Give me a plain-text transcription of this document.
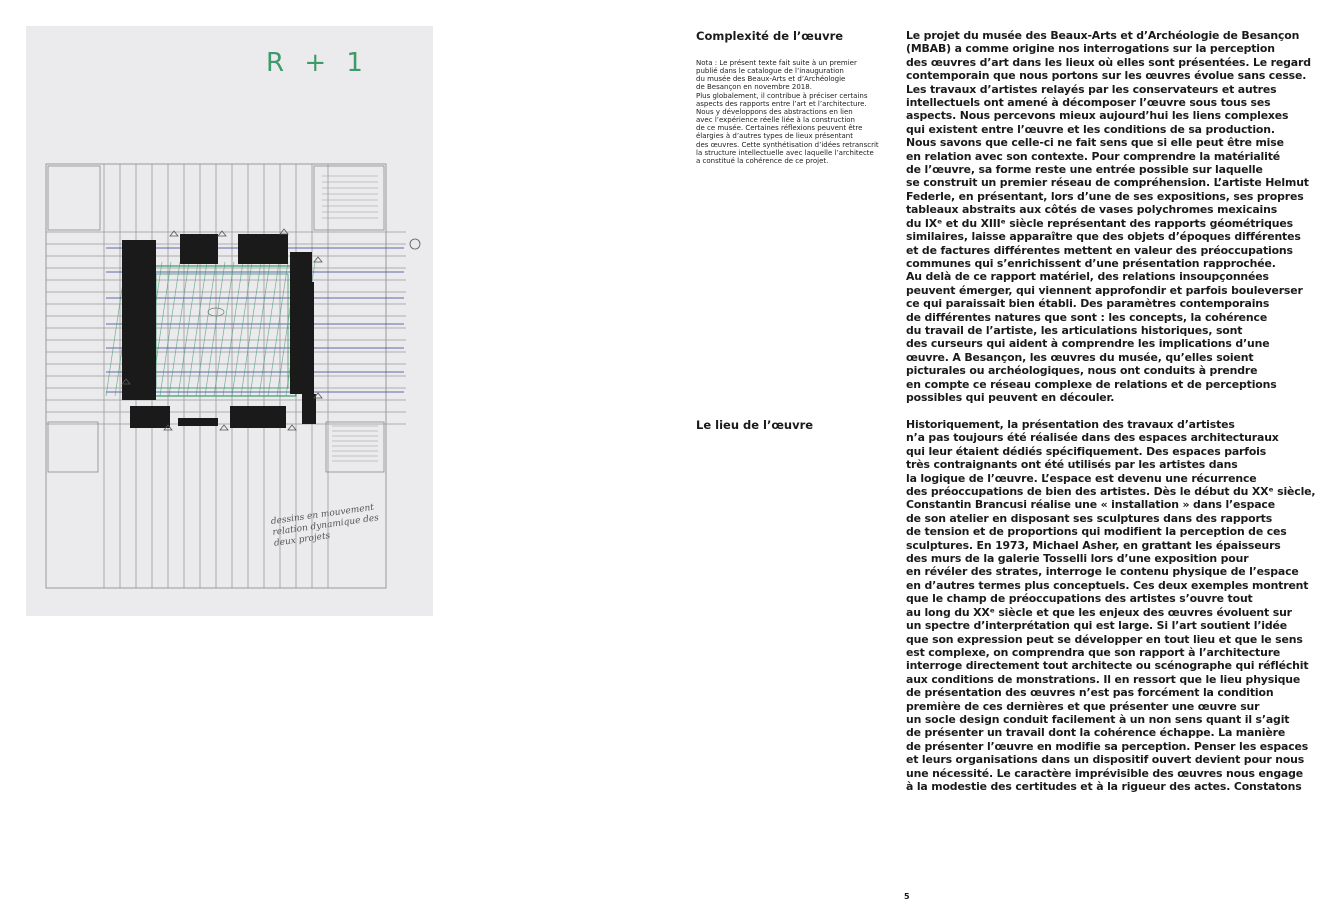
R + 1
dessins en mouvement relation dynamique des deux projets
Complexité de l’œuvre
Nota : Le présent texte fait suite à un premier
publié dans le catalogue de l’inauguration
du musée des Beaux-Arts et d’Archéologie
de Besançon en novembre 2018.
Plus globalement, il contribue à préciser certains
aspects des rapports entre l’art et l’architecture.
Nous y développons des abstractions en lien
avec l’expérience réelle liée à la construction
de ce musée. Certaines réflexions peuvent être
élargies à d’autres types de lieux présentant
des œuvres. Cette synthétisation d’idées retranscrit
la structure intellectuelle avec laquelle l’architecte
a constitué la cohérence de ce projet.
Le projet du musée des Beaux-Arts et d’Archéologie de Besançon
(MBAB) a comme origine nos interrogations sur la perception
des œuvres d’art dans les lieux où elles sont présentées. Le regard
contemporain que nous portons sur les œuvres évolue sans cesse.
Les travaux d’artistes relayés par les conservateurs et autres
intellectuels ont amené à décomposer l’œuvre sous tous ses
aspects. Nous percevons mieux aujourd’hui les liens complexes
qui existent entre l’œuvre et les conditions de sa production.
Nous savons que celle-ci ne fait sens que si elle peut être mise
en relation avec son contexte. Pour comprendre la matérialité
de l’œuvre, sa forme reste une entrée possible sur laquelle
se construit un premier réseau de compréhension. L’artiste Helmut
Federle, en présentant, lors d’une de ses expositions, ses propres
tableaux abstraits aux côtés de vases polychromes mexicains
du IXᵉ et du XIIIᵉ siècle représentant des rapports géométriques
similaires, laisse apparaître que des objets d’époques différentes
et de factures différentes mettent en valeur des préoccupations
communes qui s’enrichissent d’une présentation rapprochée.
Au delà de ce rapport matériel, des relations insoupçonnées
peuvent émerger, qui viennent approfondir et parfois bouleverser
ce qui paraissait bien établi. Des paramètres contemporains
de différentes natures que sont : les concepts, la cohérence
du travail de l’artiste, les articulations historiques, sont
des curseurs qui aident à comprendre les implications d’une
œuvre. A Besançon, les œuvres du musée, qu’elles soient
picturales ou archéologiques, nous ont conduits à prendre
en compte ce réseau complexe de relations et de perceptions
possibles qui peuvent en découler.
Le lieu de l’œuvre	Historiquement, la présentation des travaux d’artistes
n’a pas toujours été réalisée dans des espaces architecturaux
qui leur étaient dédiés spécifiquement. Des espaces parfois
très contraignants ont été utilisés par les artistes dans
la logique de l’œuvre. L’espace est devenu une récurrence
des préoccupations de bien des artistes. Dès le début du XXᵉ siècle,
Constantin Brancusi réalise une « installation » dans l’espace
de son atelier en disposant ses sculptures dans des rapports
de tension et de proportions qui modifient la perception de ces
sculptures. En 1973, Michael Asher, en grattant les épaisseurs
des murs de la galerie Tosselli lors d’une exposition pour
en révéler des strates, interroge le contenu physique de l’espace
en d’autres termes plus conceptuels. Ces deux exemples montrent
que le champ de préoccupations des artistes s’ouvre tout
au long du XXᵉ siècle et que les enjeux des œuvres évoluent sur
un spectre d’interprétation qui est large. Si l’art soutient l’idée
que son expression peut se développer en tout lieu et que le sens
est complexe, on comprendra que son rapport à l’architecture
interroge directement tout architecte ou scénographe qui réfléchit
aux conditions de monstrations. Il en ressort que le lieu physique
de présentation des œuvres n’est pas forcément la condition
première de ces dernières et que présenter une œuvre sur
un socle design conduit facilement à un non sens quant il s’agit
de présenter un travail dont la cohérence échappe. La manière
de présenter l’œuvre en modifie sa perception. Penser les espaces
et leurs organisations dans un dispositif ouvert devient pour nous
une nécessité. Le caractère imprévisible des œuvres nous engage
à la modestie des certitudes et à la rigueur des actes. Constatons
5
